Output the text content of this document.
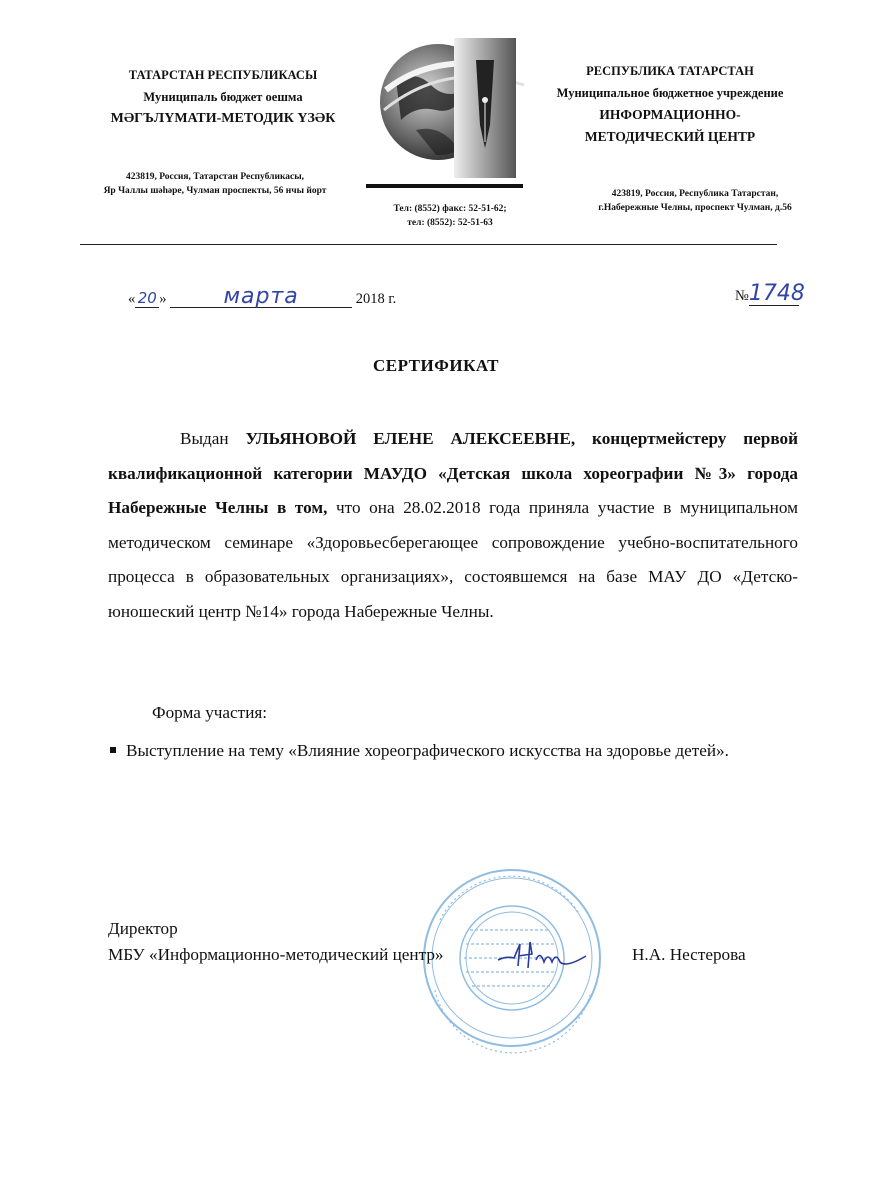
ТАТАРСТАН РЕСПУБЛИКАСЫ
Муниципаль бюджет оешма
МӘГЪЛҮМАТИ-МЕТОДИК ҮЗӘК
423819, Россия, Татарстан Республикасы,
Яр Чаллы шәһәре, Чулман проспекты, 56 нчы йорт
Тел: (8552) факс: 52-51-62;
тел: (8552): 52-51-63
РЕСПУБЛИКА ТАТАРСТАН
Муниципальное бюджетное учреждение
ИНФОРМАЦИОННО-
МЕТОДИЧЕСКИЙ ЦЕНТР
423819, Россия, Республика Татарстан,
г.Набережные Челны, проспект Чулман, д.56
« 20 »	марта	2018 г.	№1748
СЕРТИФИКАТ
Выдан УЛЬЯНОВОЙ ЕЛЕНЕ АЛЕКСЕЕВНЕ, концертмейстеру первой квалификационной категории МАУДО «Детская школа хореографии №3» города Набережные Челны в том, что она 28.02.2018 года приняла участие в муниципальном методическом семинаре «Здоровьесберегающее сопровождение учебно-воспитательного процесса в образовательных организациях», состоявшемся на базе МАУ ДО «Детско-юношеский центр №14» города Набережные Челны.
Форма участия:
Выступление на тему «Влияние хореографического искусства на здоровье детей».
Директор
МБУ «Информационно-методический центр»	Н.А. Нестерова
